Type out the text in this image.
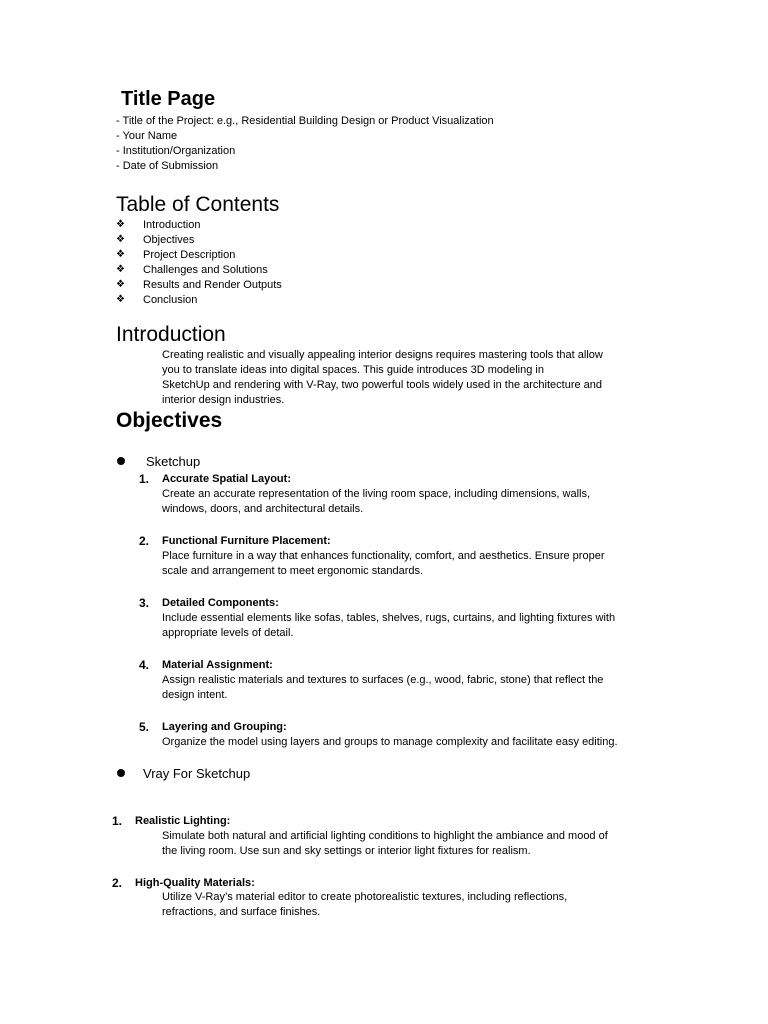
Title Page
- Title of the Project: e.g., Residential Building Design or Product Visualization
- Your Name
- Institution/Organization
- Date of Submission
Table of Contents
❖ Introduction
❖ Objectives
❖ Project Description
❖ Challenges and Solutions
❖ Results and Render Outputs
❖ Conclusion
Introduction
Creating realistic and visually appealing interior designs requires mastering tools that allow
you to translate ideas into digital spaces. This guide introduces 3D modeling in
SketchUp and rendering with V-Ray, two powerful tools widely used in the architecture and
interior design industries.
Objectives
Sketchup
1. Accurate Spatial Layout:
Create an accurate representation of the living room space, including dimensions, walls,
windows, doors, and architectural details.
2. Functional Furniture Placement:
Place furniture in a way that enhances functionality, comfort, and aesthetics. Ensure proper
scale and arrangement to meet ergonomic standards.
3. Detailed Components:
Include essential elements like sofas, tables, shelves, rugs, curtains, and lighting fixtures with
appropriate levels of detail.
4. Material Assignment:
Assign realistic materials and textures to surfaces (e.g., wood, fabric, stone) that reflect the
design intent.
5. Layering and Grouping:
Organize the model using layers and groups to manage complexity and facilitate easy editing.
Vray For Sketchup
1. Realistic Lighting:
Simulate both natural and artificial lighting conditions to highlight the ambiance and mood of
the living room. Use sun and sky settings or interior light fixtures for realism.
2. High-Quality Materials:
Utilize V-Ray’s material editor to create photorealistic textures, including reflections,
refractions, and surface finishes.
